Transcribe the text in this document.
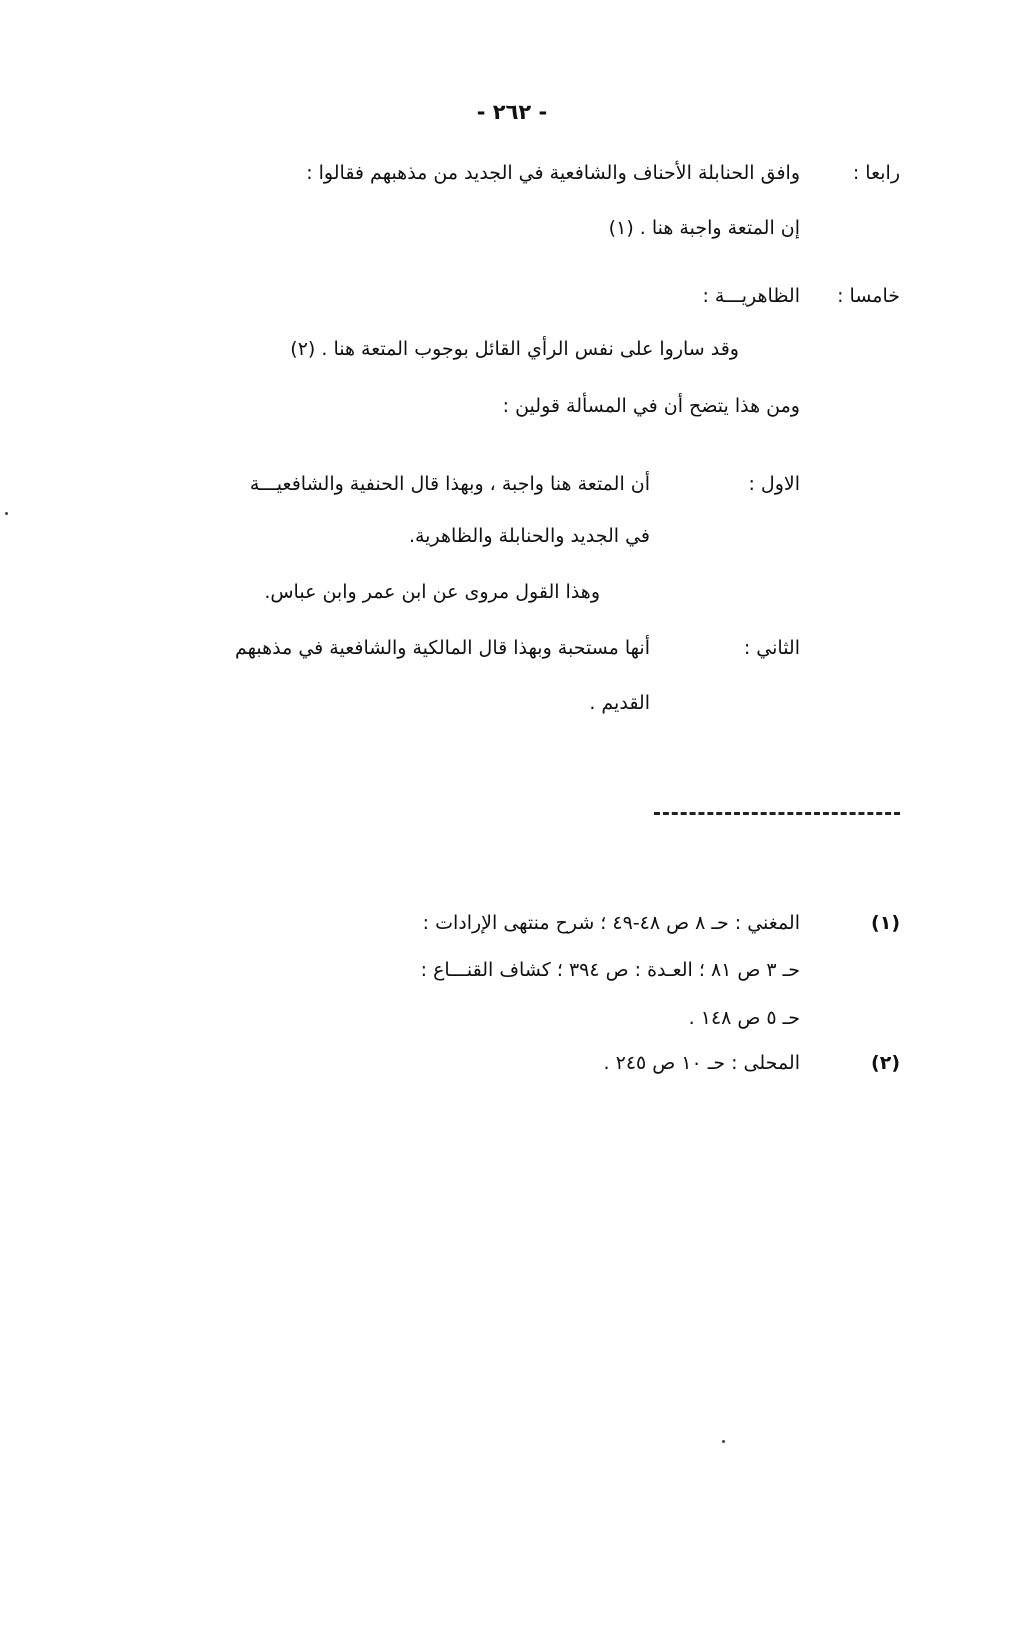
- ٢٦٢ -
رابعا :
وافق الحنابلة الأحناف والشافعية في الجديد من مذهبهم فقالوا :
إن المتعة واجبة هنا . (١)
خامسا :
الظاهريـــة :
وقد ساروا على نفس الرأي القائل بوجوب المتعة هنا . (٢)
ومن هذا يتضح أن في المسألة قولين :
الاول :
أن المتعة هنا واجبة ، وبهذا قال الحنفية والشافعيـــة
في الجديد والحنابلة والظاهرية.
وهذا القول مروى عن ابن عمر وابن عباس.
الثاني :
أنها مستحبة وبهذا قال المالكية والشافعية في مذهبهم
القديم .
(١)
المغني : حـ ٨ ص ٤٨-٤٩ ؛ شرح منتهى الإرادات :
حـ ٣ ص ٨١ ؛ العـدة : ص ٣٩٤ ؛ كشاف القنـــاع :
حـ ٥ ص ١٤٨ .
(٢)
المحلى : حـ ١٠ ص ٢٤٥ .
